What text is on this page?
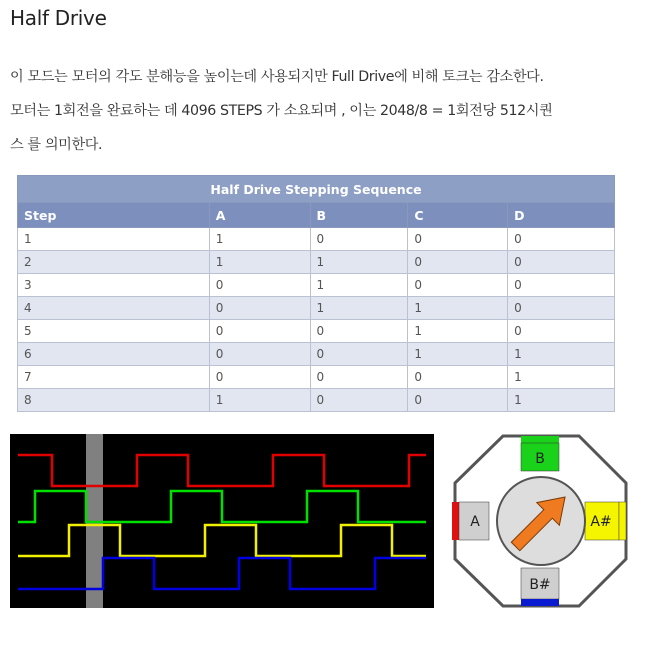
Half Drive
이 모드는 모터의 각도 분해능을 높이는데 사용되지만 Full Drive에 비해 토크는 감소한다.
모터는 1회전을 완료하는 데 4096 STEPS 가 소요되며 , 이는 2048/8 = 1회전당 512시퀀
스 를 의미한다.
Half Drive Stepping Sequence				
Step	A	B	C	D
1	1	0	0	0
2	1	1	0	0
3	0	1	0	0
4	0	1	1	0
5	0	0	1	0
6	0	0	1	1
7	0	0	0	1
8	1	0	0	1
B
A	A#
B#
